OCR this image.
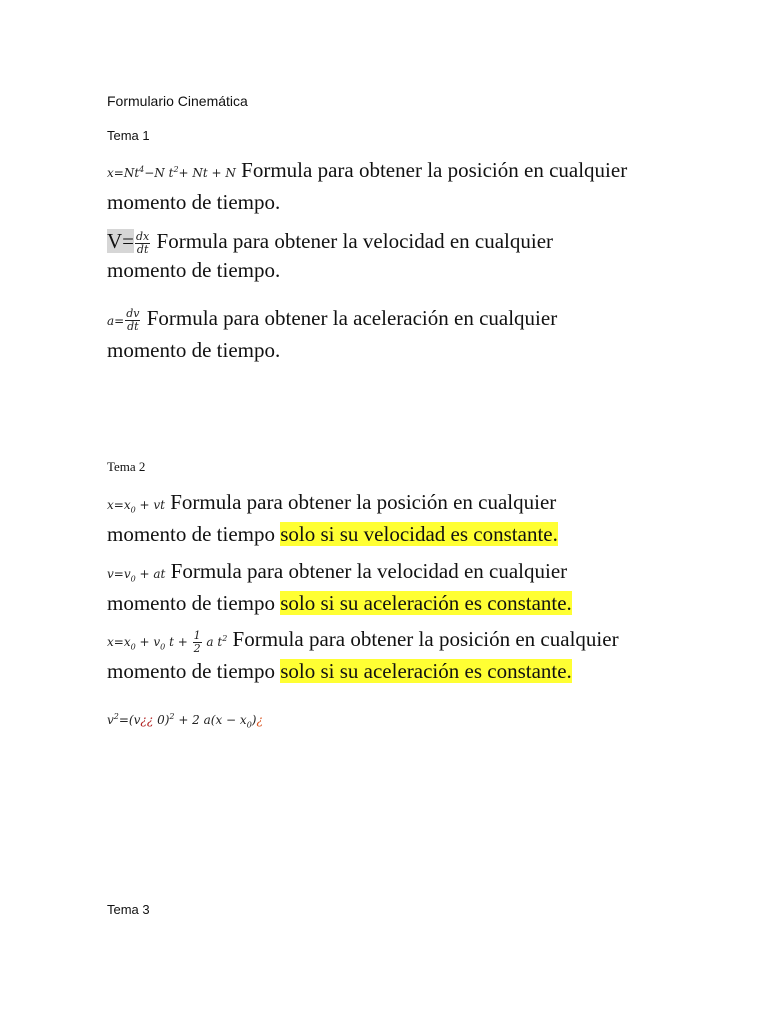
Formulario Cinemática
Tema 1
$x=Nt^4-N$ $t^2+ Nt + N$ Formula para obtener la posición en cualquier
momento de tiempo.
$V= \frac{dx}{dt}$ Formula para obtener la velocidad en cualquier
momento de tiempo.
$a= \frac{dv}{dt}$ Formula para obtener la aceleración en cualquier
momento de tiempo.
Tema 2
$x=x_0$ + vt Formula para obtener la posición en cualquier
momento de tiempo solo si su velocidad es constante.
$v=v_0$ + at Formula para obtener la velocidad en cualquier
momento de tiempo solo si su aceleración es constante.
$x=x_0 + v_0$ $t + \frac{1}{2}$ a $t^2$ Formula para obtener la posición en cualquier
momento de tiempo solo si su aceleración es constante.
$v^2=(v¿¿$ 0)$^2$ + 2 $a(x - x_0)¿$
Tema 3
